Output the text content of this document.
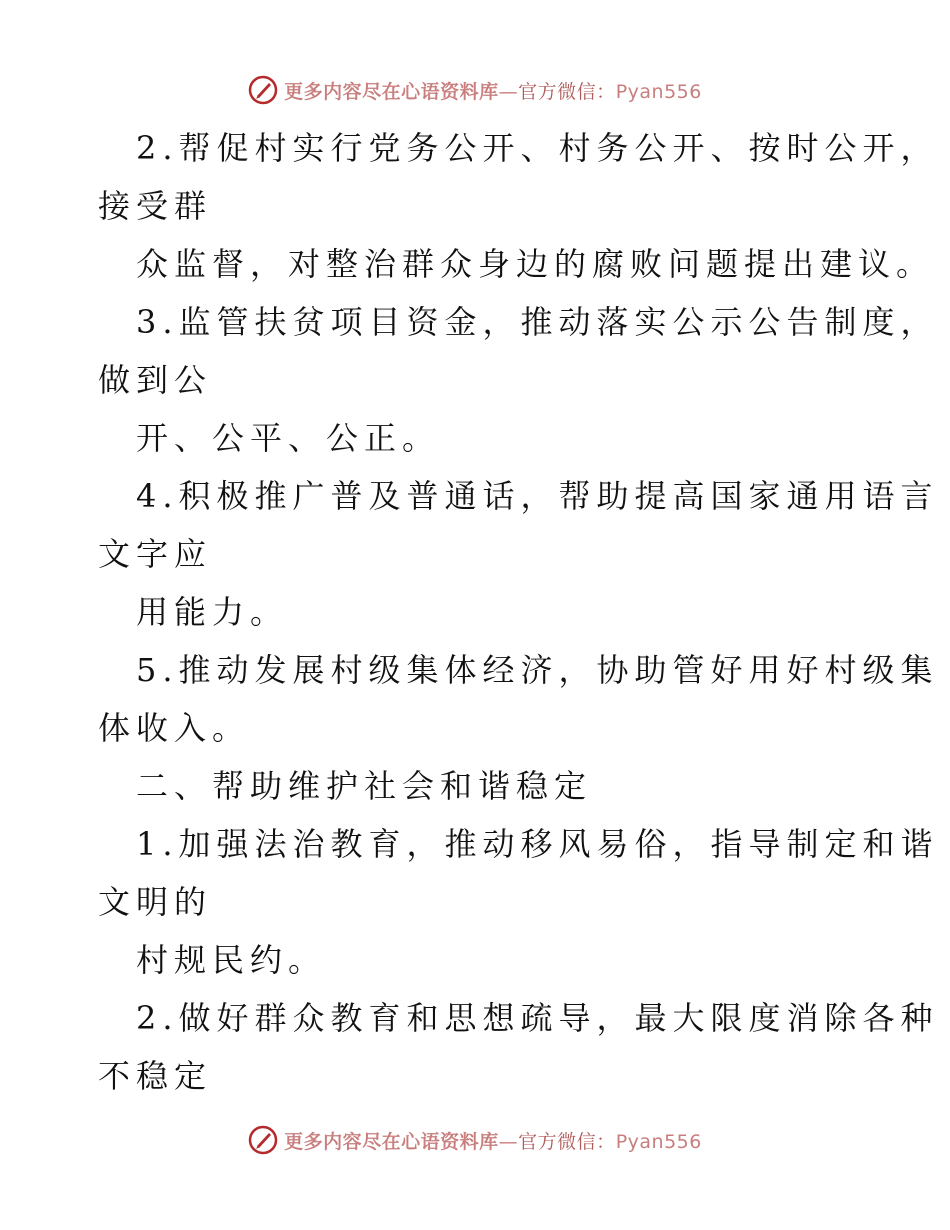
更多内容尽在心语资料库—官方微信：Pyan556
2.帮促村实行党务公开、村务公开、按时公开，
接受群
众监督，对整治群众身边的腐败问题提出建议。
3.监管扶贫项目资金，推动落实公示公告制度，
做到公
开、公平、公正。
4.积极推广普及普通话，帮助提高国家通用语言
文字应
用能力。
5.推动发展村级集体经济，协助管好用好村级集
体收入。
二、帮助维护社会和谐稳定
1.加强法治教育，推动移风易俗，指导制定和谐
文明的
村规民约。
2.做好群众教育和思想疏导，最大限度消除各种
不稳定
更多内容尽在心语资料库—官方微信：Pyan556
